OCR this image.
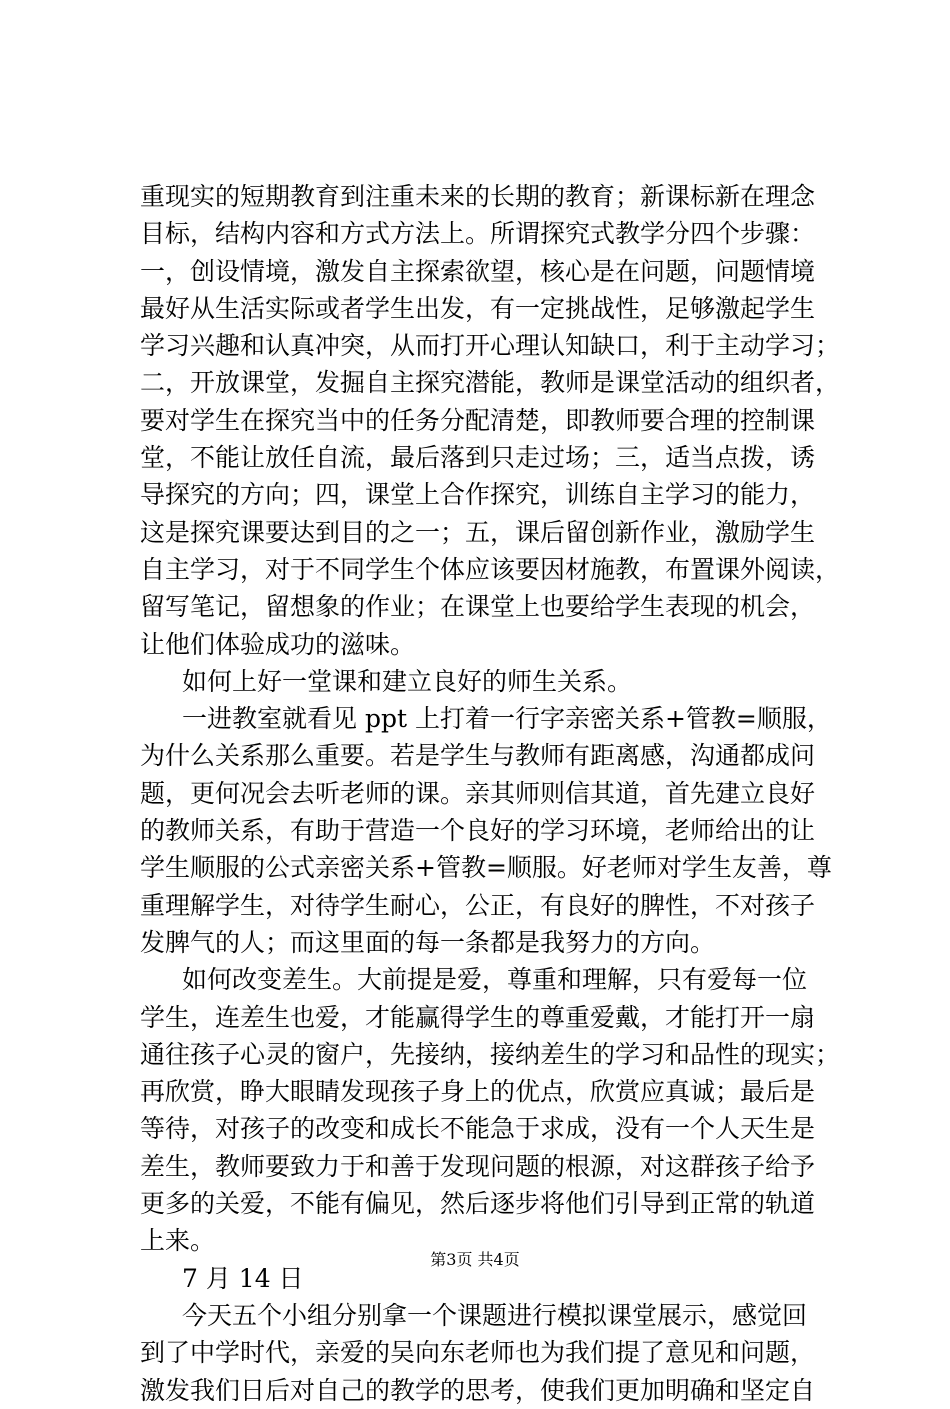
重现实的短期教育到注重未来的长期的教育；新课标新在理念
目标，结构内容和方式方法上。所谓探究式教学分四个步骤：
一，创设情境，激发自主探索欲望，核心是在问题，问题情境
最好从生活实际或者学生出发，有一定挑战性，足够激起学生
学习兴趣和认真冲突，从而打开心理认知缺口，利于主动学习；
二，开放课堂，发掘自主探究潜能，教师是课堂活动的组织者，
要对学生在探究当中的任务分配清楚，即教师要合理的控制课
堂，不能让放任自流，最后落到只走过场；三，适当点拨，诱
导探究的方向；四，课堂上合作探究，训练自主学习的能力，
这是探究课要达到目的之一；五，课后留创新作业，激励学生
自主学习，对于不同学生个体应该要因材施教，布置课外阅读，
留写笔记，留想象的作业；在课堂上也要给学生表现的机会，
让他们体验成功的滋味。
如何上好一堂课和建立良好的师生关系。
一进教室就看见 ppt 上打着一行字亲密关系+管教=顺服，
为什么关系那么重要。若是学生与教师有距离感，沟通都成问
题，更何况会去听老师的课。亲其师则信其道，首先建立良好
的教师关系，有助于营造一个良好的学习环境，老师给出的让
学生顺服的公式亲密关系+管教=顺服。好老师对学生友善，尊
重理解学生，对待学生耐心，公正，有良好的脾性，不对孩子
发脾气的人；而这里面的每一条都是我努力的方向。
如何改变差生。大前提是爱，尊重和理解，只有爱每一位
学生，连差生也爱，才能赢得学生的尊重爱戴，才能打开一扇
通往孩子心灵的窗户，先接纳，接纳差生的学习和品性的现实；
再欣赏，睁大眼睛发现孩子身上的优点，欣赏应真诚；最后是
等待，对孩子的改变和成长不能急于求成，没有一个人天生是
差生，教师要致力于和善于发现问题的根源，对这群孩子给予
更多的关爱，不能有偏见，然后逐步将他们引导到正常的轨道
上来。
7 月 14 日
今天五个小组分别拿一个课题进行模拟课堂展示，感觉回
到了中学时代，亲爱的吴向东老师也为我们提了意见和问题，
激发我们日后对自己的教学的思考，使我们更加明确和坚定自
第3页 共4页
